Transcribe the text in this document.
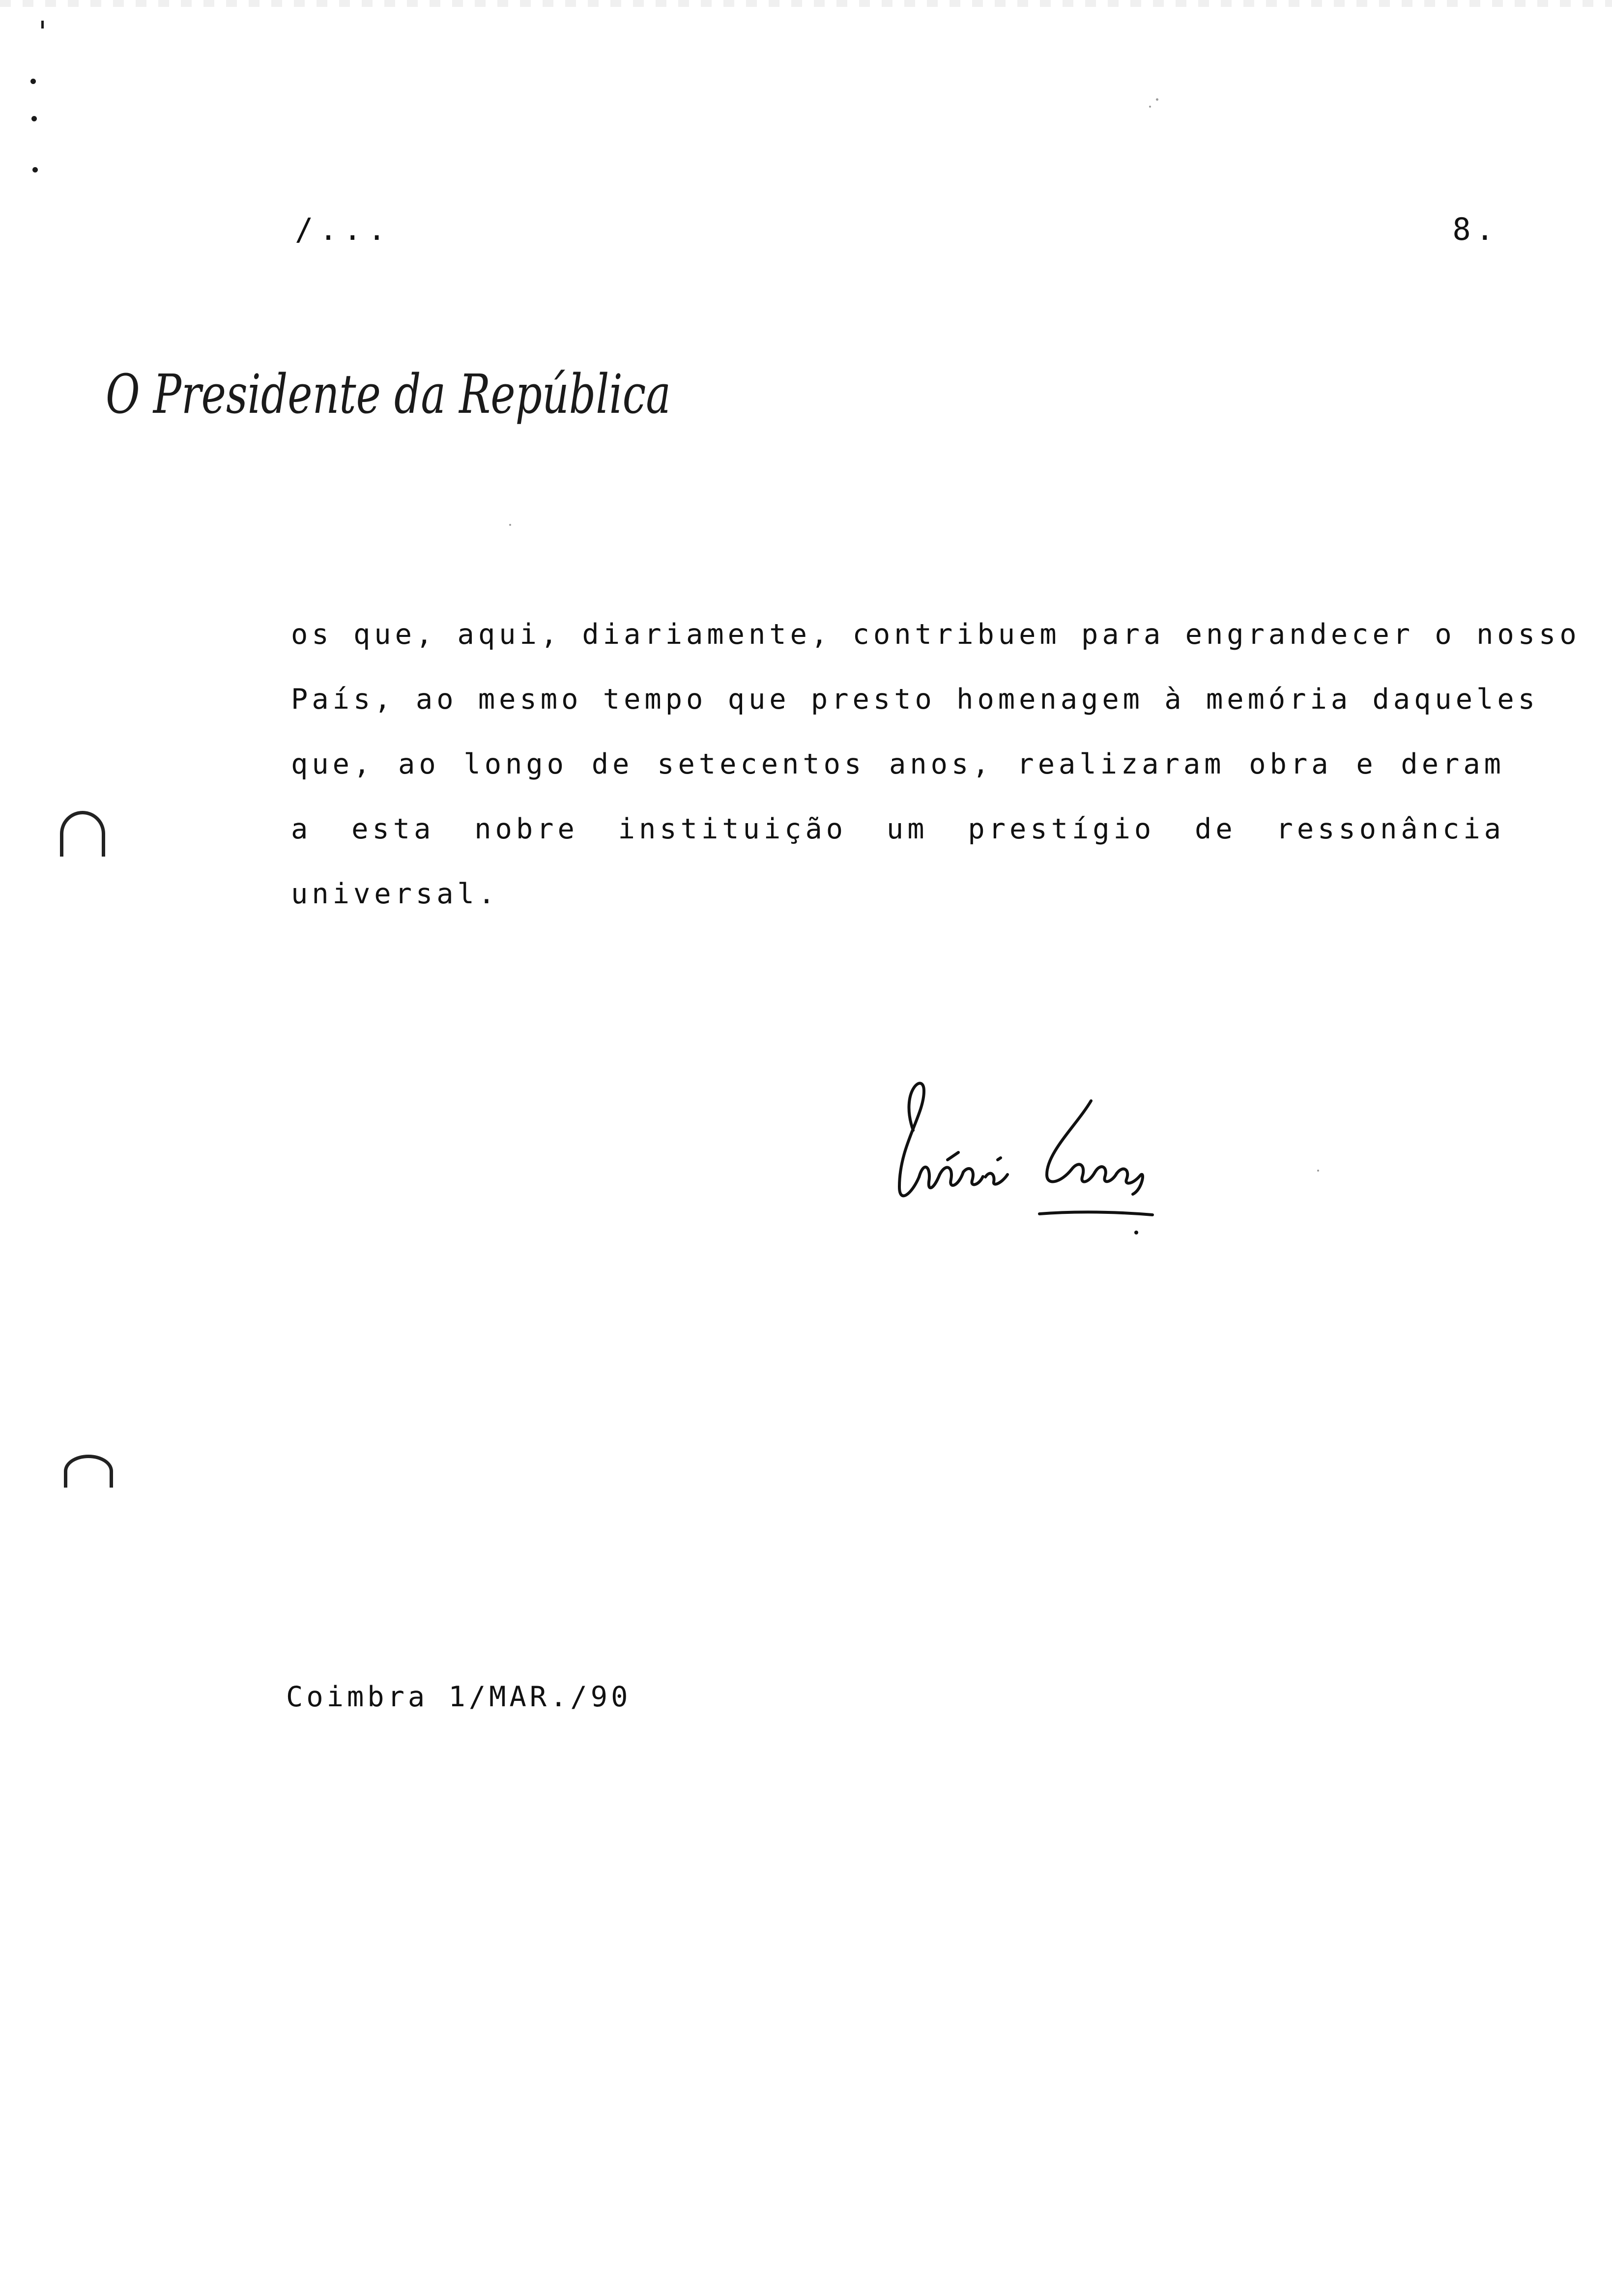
/...	8.
O Presidente da República
os que, aqui, diariamente, contribuem para engrandecer o nosso
País, ao mesmo tempo que presto homenagem à memória daqueles
que, ao longo de setecentos anos, realizaram obra e deram
a esta nobre instituição um prestígio de ressonância
universal.
Coimbra 1/MAR./90
